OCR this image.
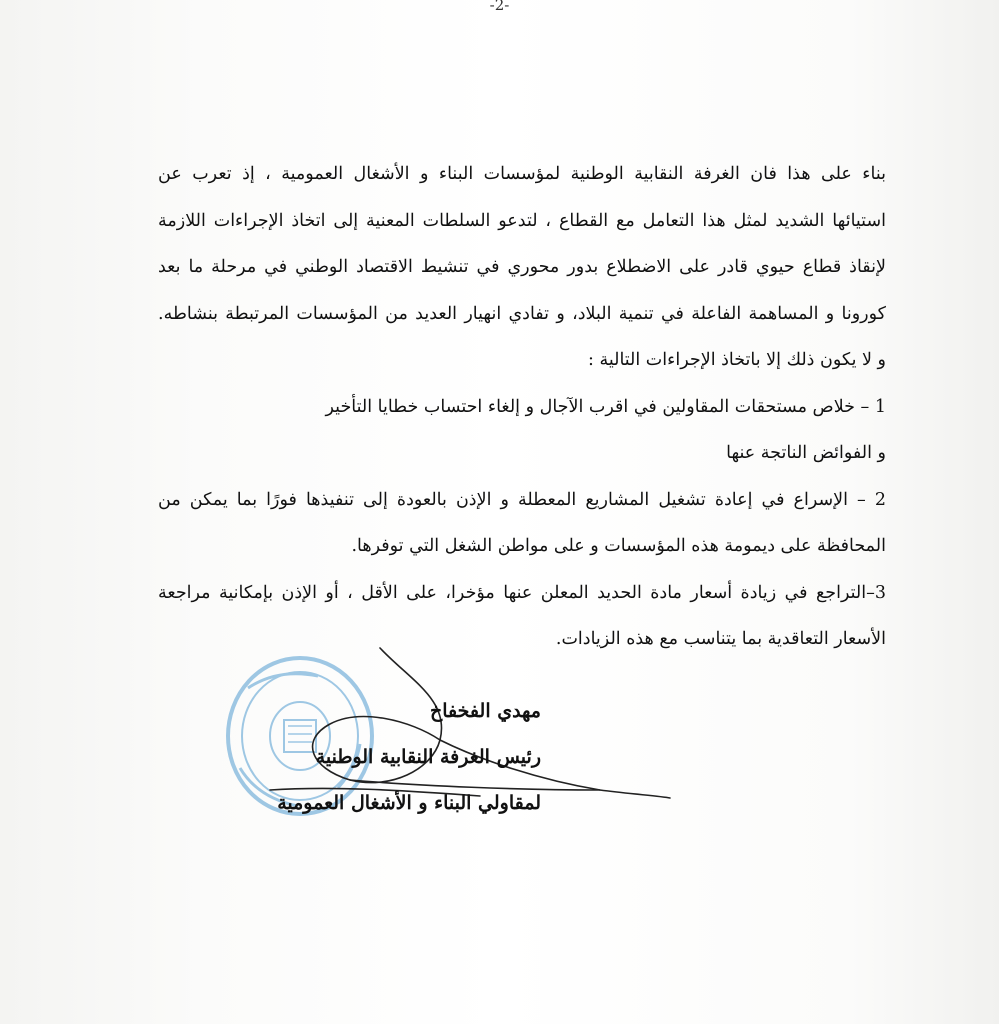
-2-

بناء على هذا فان الغرفة النقابية الوطنية لمؤسسات البناء و الأشغال العمومية ، إذ تعرب عن

استيائها الشديد لمثل هذا التعامل مع القطاع ، لتدعو السلطات المعنية إلى اتخاذ الإجراءات اللازمة

لإنقاذ قطاع حيوي قادر على الاضطلاع بدور محوري في تنشيط الاقتصاد الوطني في مرحلة ما بعد

كورونا و المساهمة الفاعلة في تنمية البلاد، و تفادي انهيار العديد من المؤسسات المرتبطة بنشاطه.

و لا يكون ذلك إلا باتخاذ الإجراءات التالية :

1 – خلاص مستحقات المقاولين في اقرب الآجال و إلغاء احتساب خطايا التأخير

و الفوائض الناتجة عنها

2 – الإسراع في إعادة تشغيل المشاريع المعطلة و الإذن بالعودة إلى تنفيذها فورًا بما يمكن من

المحافظة على ديمومة هذه المؤسسات و على مواطن الشغل التي توفرها.

3–التراجع في زيادة أسعار مادة الحديد المعلن عنها مؤخرا، على الأقل ، أو الإذن بإمكانية مراجعة

الأسعار التعاقدية بما يتناسب مع هذه الزيادات.

مهدي الفخفاخ
رئيس الغرفة النقابية الوطنية
لمقاولي البناء و الأشغال العمومية
